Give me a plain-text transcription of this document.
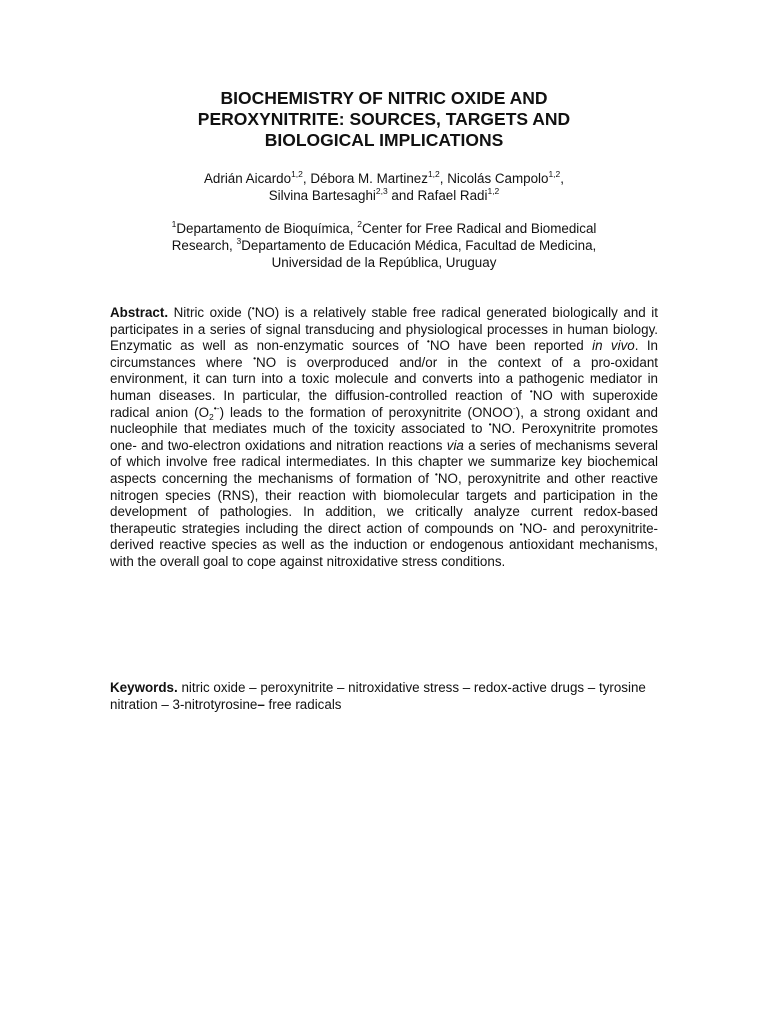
BIOCHEMISTRY OF NITRIC OXIDE AND
PEROXYNITRITE: SOURCES, TARGETS AND
BIOLOGICAL IMPLICATIONS
Adrián Aicardo$^{1,2}$, Débora M. Martinez$^{1,2}$, Nicolás Campolo$^{1,2}$,
Silvina Bartesaghi$^{2,3}$ and Rafael Radi$^{1,2}$
$^1$Departamento de Bioquímica, $^2$Center for Free Radical and Biomedical
Research, $^3$Departamento de Educación Médica, Facultad de Medicina,
Universidad de la República, Uruguay
Abstract. Nitric oxide (•NO) is a relatively stable free radical generated biologically and it participates in a series of signal transducing and physiological processes in human biology. Enzymatic as well as non-enzymatic sources of •NO have been reported in vivo. In circumstances where •NO is overproduced and/or in the context of a pro-oxidant environment, it can turn into a toxic molecule and converts into a pathogenic mediator in human diseases. In particular, the diffusion-controlled reaction of •NO with superoxide radical anion $(O_2^{•-})$ leads to the formation of peroxynitrite (ONOO-), a strong oxidant and nucleophile that mediates much of the toxicity associated to •NO. Peroxynitrite promotes one- and two-electron oxidations and nitration reactions via a series of mechanisms several of which involve free radical intermediates. In this chapter we summarize key biochemical aspects concerning the mechanisms of formation of •NO, peroxynitrite and other reactive nitrogen species (RNS), their reaction with biomolecular targets and participation in the development of pathologies. In addition, we critically analyze current redox-based therapeutic strategies including the direct action of compounds on •NO- and peroxynitrite-derived reactive species as well as the induction or endogenous antioxidant mechanisms, with the overall goal to cope against nitroxidative stress conditions.
Keywords. nitric oxide – peroxynitrite – nitroxidative stress – redox-active drugs – tyrosine nitration – 3-nitrotyrosine– free radicals
